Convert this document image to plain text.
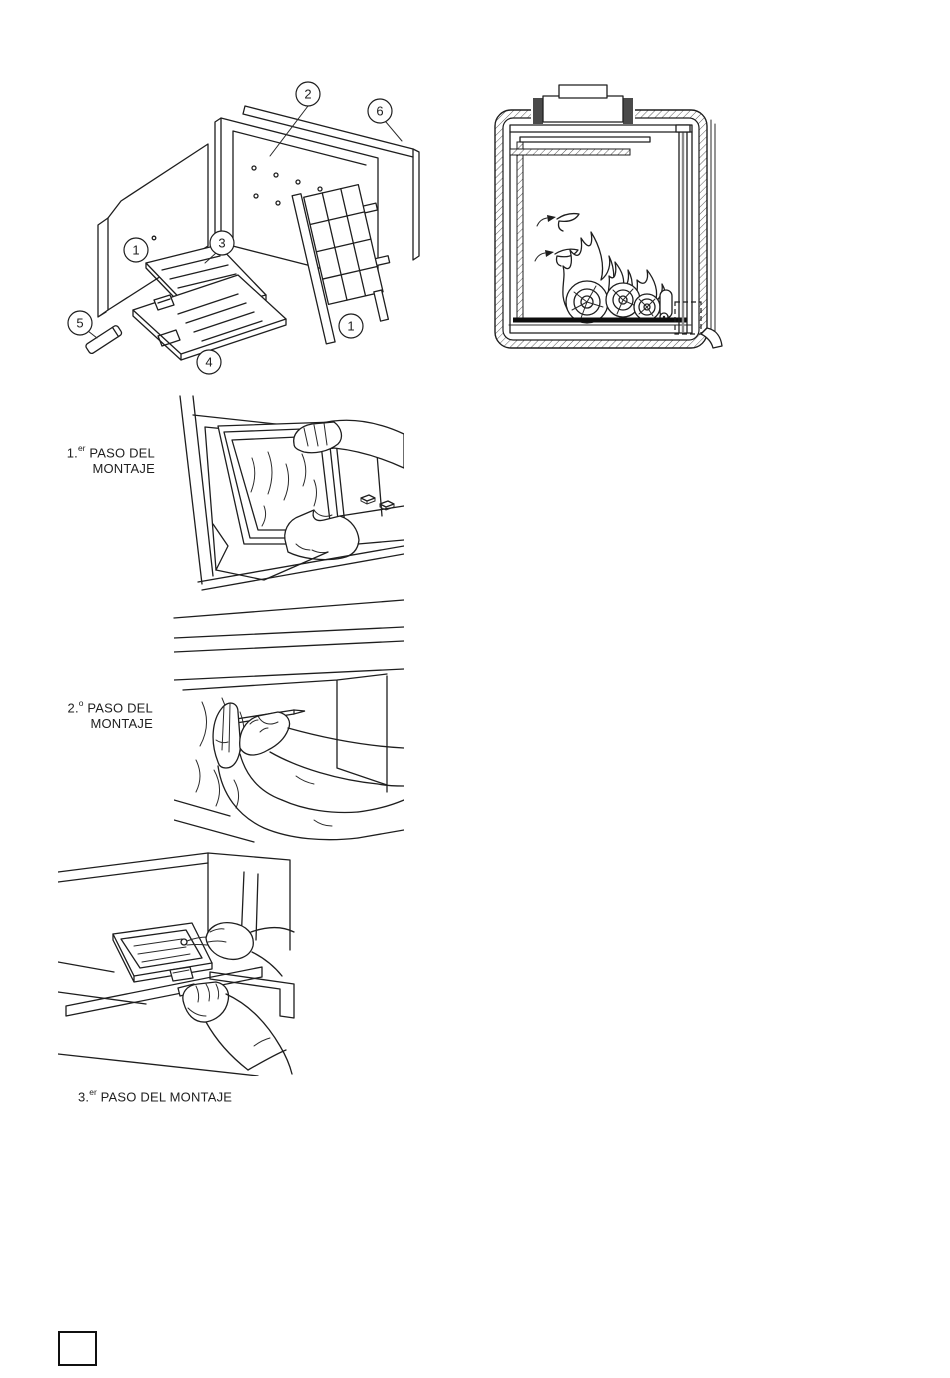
1
2
3
4
5
6
1
1.$^{er}$ PASO DEL
MONTAJE
2.$^o$ PASO DEL
MONTAJE
3.$^{er}$ PASO DEL MONTAJE
